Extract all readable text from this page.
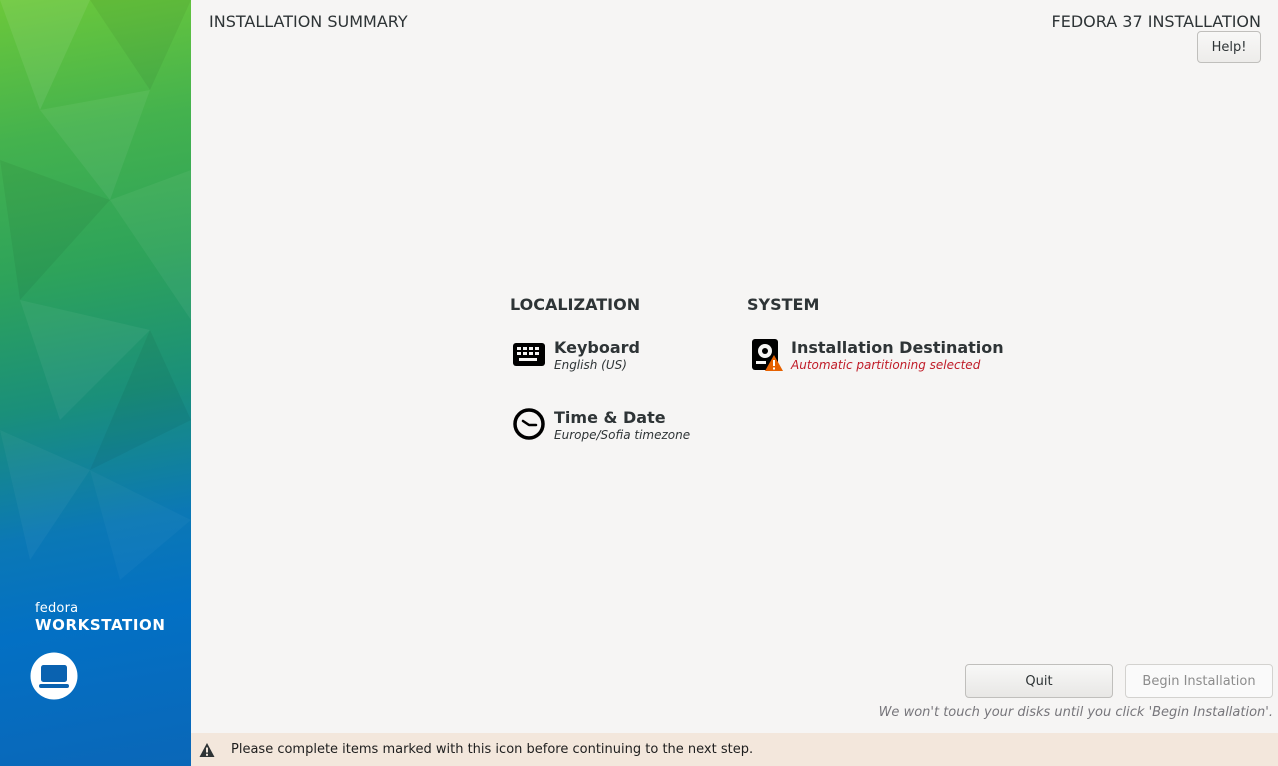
fedora
WORKSTATION
INSTALLATION SUMMARY	FEDORA 37 INSTALLATION
Help!
LOCALIZATION	SYSTEM
Keyboard
English (US)
Time & Date
Europe/Sofia timezone
Installation Destination
Automatic partitioning selected
Quit	Begin Installation
We won't touch your disks until you click 'Begin Installation'.
Please complete items marked with this icon before continuing to the next step.
